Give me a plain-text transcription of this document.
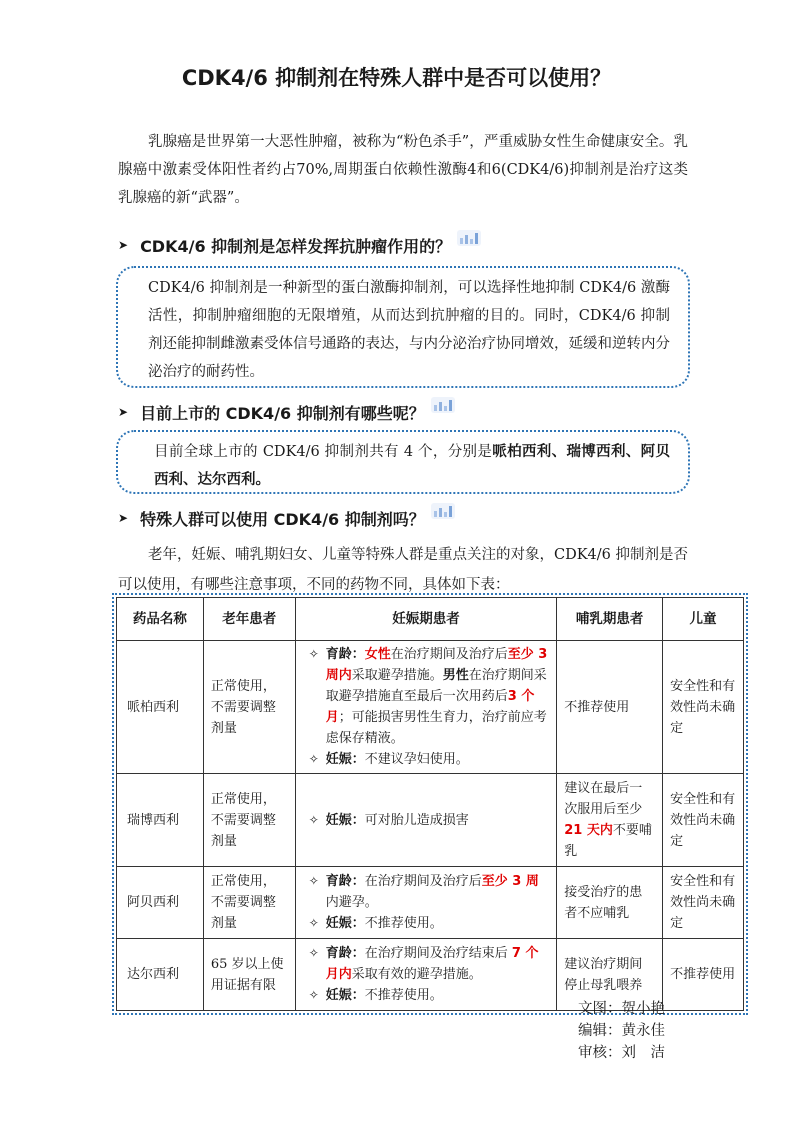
CDK4/6 抑制剂在特殊人群中是否可以使用？
乳腺癌是世界第一大恶性肿瘤，被称为“粉色杀手”，严重威胁女性生命健康安全。乳腺癌中激素受体阳性者约占70%,周期蛋白依赖性激酶4和6(CDK4/6)抑制剂是治疗这类乳腺癌的新“武器”。
➤ CDK4/6 抑制剂是怎样发挥抗肿瘤作用的？
CDK4/6 抑制剂是一种新型的蛋白激酶抑制剂，可以选择性地抑制 CDK4/6 激酶活性，抑制肿瘤细胞的无限增殖，从而达到抗肿瘤的目的。同时，CDK4/6 抑制剂还能抑制雌激素受体信号通路的表达，与内分泌治疗协同增效，延缓和逆转内分泌治疗的耐药性。
➤ 目前上市的 CDK4/6 抑制剂有哪些呢？
目前全球上市的 CDK4/6 抑制剂共有 4 个，分别是哌柏西利、瑞博西利、阿贝西利、达尔西利。
➤ 特殊人群可以使用 CDK4/6 抑制剂吗？
老年，妊娠、哺乳期妇女、儿童等特殊人群是重点关注的对象，CDK4/6 抑制剂是否可以使用，有哪些注意事项，不同的药物不同，具体如下表：
药品名称	老年患者	妊娠期患者	哺乳期患者	儿童
哌柏西利	正常使用，不需要调整剂量	✧ 育龄：女性在治疗期间及治疗后至少 3 周内采取避孕措施。男性在治疗期间采取避孕措施直至最后一次用药后3 个月；可能损害男性生育力，治疗前应考虑保存精液。
✧ 妊娠：不建议孕妇使用。	不推荐使用	安全性和有效性尚未确定
瑞博西利	正常使用，不需要调整剂量	✧ 妊娠：可对胎儿造成损害	建议在最后一次服用后至少 21 天内不要哺乳	安全性和有效性尚未确定
阿贝西利	正常使用，不需要调整剂量	✧ 育龄：在治疗期间及治疗后至少 3 周内避孕。
✧ 妊娠：不推荐使用。	接受治疗的患者不应哺乳	安全性和有效性尚未确定
达尔西利	65 岁以上使用证据有限	✧ 育龄：在治疗期间及治疗结束后 7 个月内采取有效的避孕措施。
✧ 妊娠：不推荐使用。	建议治疗期间停止母乳喂养	不推荐使用
文图：贺小艳
编辑：黄永佳
审核：刘　洁
